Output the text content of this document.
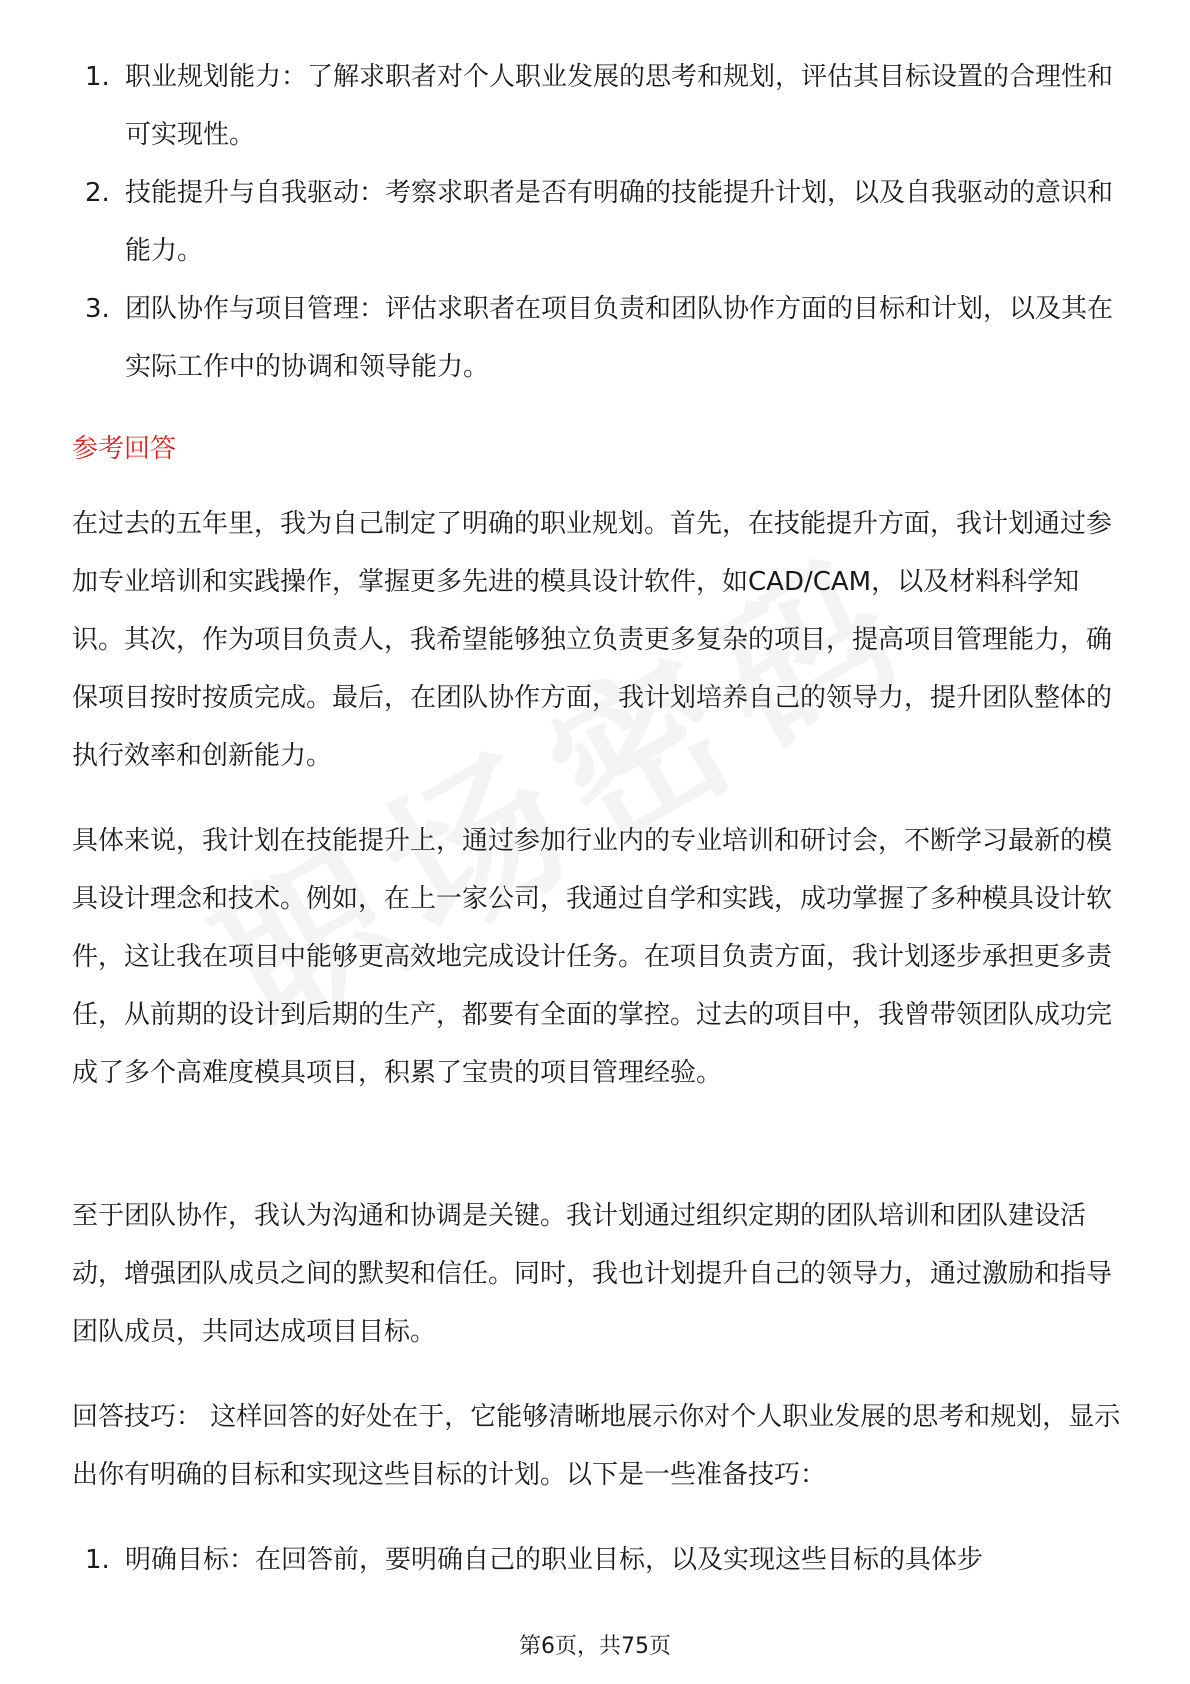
1. 职业规划能力：了解求职者对个人职业发展的思考和规划，评估其目标设置的合理性和可实现性。
2. 技能提升与自我驱动：考察求职者是否有明确的技能提升计划，以及自我驱动的意识和能力。
3. 团队协作与项目管理：评估求职者在项目负责和团队协作方面的目标和计划，以及其在实际工作中的协调和领导能力。
参考回答

在过去的五年里，我为自己制定了明确的职业规划。首先，在技能提升方面，我计划通过参加专业培训和实践操作，掌握更多先进的模具设计软件，如CAD/CAM，以及材料科学知识。其次，作为项目负责人，我希望能够独立负责更多复杂的项目，提高项目管理能力，确保项目按时按质完成。最后，在团队协作方面，我计划培养自己的领导力，提升团队整体的执行效率和创新能力。

具体来说，我计划在技能提升上，通过参加行业内的专业培训和研讨会，不断学习最新的模具设计理念和技术。例如，在上一家公司，我通过自学和实践，成功掌握了多种模具设计软件，这让我在项目中能够更高效地完成设计任务。在项目负责方面，我计划逐步承担更多责任，从前期的设计到后期的生产，都要有全面的掌控。过去的项目中，我曾带领团队成功完成了多个高难度模具项目，积累了宝贵的项目管理经验。

至于团队协作，我认为沟通和协调是关键。我计划通过组织定期的团队培训和团队建设活动，增强团队成员之间的默契和信任。同时，我也计划提升自己的领导力，通过激励和指导团队成员，共同达成项目目标。

回答技巧： 这样回答的好处在于，它能够清晰地展示你对个人职业发展的思考和规划，显示出你有明确的目标和实现这些目标的计划。以下是一些准备技巧：

1. 明确目标：在回答前，要明确自己的职业目标，以及实现这些目标的具体步
第6页，共75页
